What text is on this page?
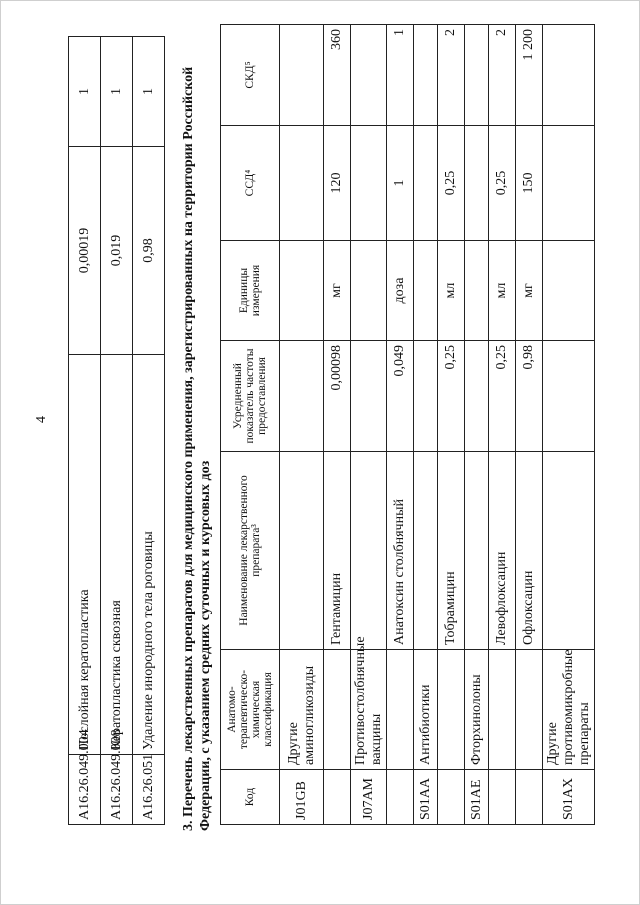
4
A16.26.049.004	Послойная кератопластика	0,00019	1
A16.26.049.008	Кератопластика сквозная	0,019	1
A16.26.051	Удаление инородного тела роговицы	0,98	1
3. Перечень лекарственных препаратов для медицинского применения, зарегистрированных на территории Российской Федерации, с указанием средних суточных и курсовых доз	Код	Анатомо-терапевтическо-химическая классификация	Наименование лекарственного препарата³	Усредненный показатель частоты предоставления	Единицы измерения	ССД⁴	СКД⁵
J01GB	Другие аминогликозиды					
		Гентамицин	0,00098	мг	120	360
J07AM	Противостолбнячные вакцины					
		Анатоксин столбнячный	0,049	доза	1	1
S01AA	Антибиотики					
		Тобрамицин	0,25	мл	0,25	2
S01AE	Фторхинолоны					
		Левофлоксацин	0,25	мл	0,25	2
		Офлоксацин	0,98	мг	150	1 200
S01AX	Другие противомикробные препараты					
